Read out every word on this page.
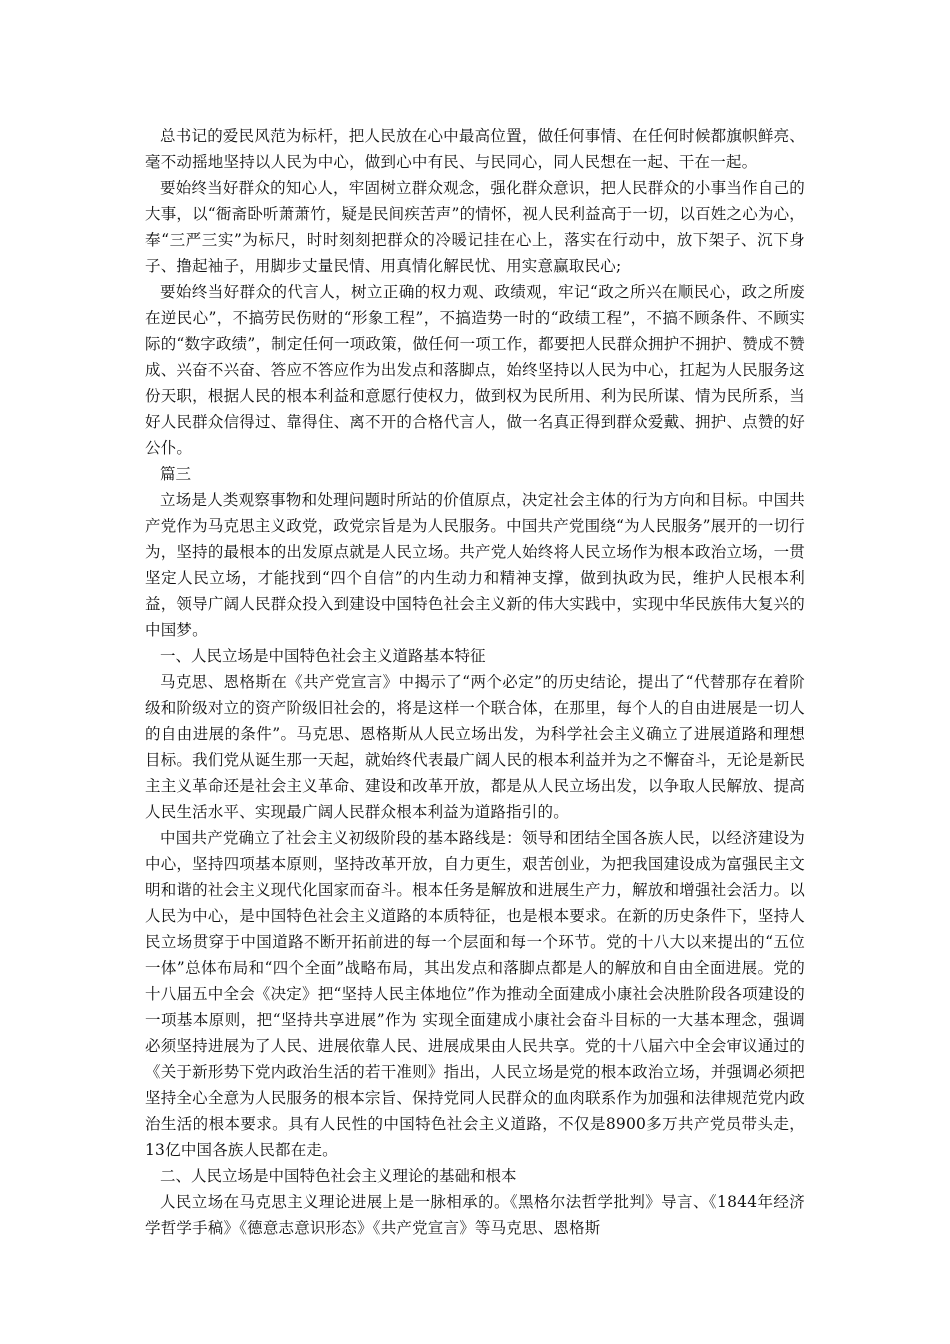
总书记的爱民风范为标杆，把人民放在心中最高位置，做任何事情、在任何时候都旗帜鲜亮、毫不动摇地坚持以人民为中心，做到心中有民、与民同心，同人民想在一起、干在一起。

要始终当好群众的知心人，牢固树立群众观念，强化群众意识，把人民群众的小事当作自己的大事，以“衙斋卧听萧萧竹，疑是民间疾苦声”的情怀，视人民利益高于一切，以百姓之心为心，奉“三严三实”为标尺，时时刻刻把群众的冷暖记挂在心上，落实在行动中，放下架子、沉下身子、撸起袖子，用脚步丈量民情、用真情化解民忧、用实意赢取民心;

要始终当好群众的代言人，树立正确的权力观、政绩观，牢记“政之所兴在顺民心，政之所废在逆民心”，不搞劳民伤财的“形象工程”，不搞造势一时的“政绩工程”，不搞不顾条件、不顾实际的“数字政绩”，制定任何一项政策，做任何一项工作，都要把人民群众拥护不拥护、赞成不赞成、兴奋不兴奋、答应不答应作为出发点和落脚点，始终坚持以人民为中心，扛起为人民服务这份天职，根据人民的根本利益和意愿行使权力，做到权为民所用、利为民所谋、情为民所系，当好人民群众信得过、靠得住、离不开的合格代言人，做一名真正得到群众爱戴、拥护、点赞的好公仆。

篇三

立场是人类观察事物和处理问题时所站的价值原点，决定社会主体的行为方向和目标。中国共产党作为马克思主义政党，政党宗旨是为人民服务。中国共产党围绕“为人民服务”展开的一切行为，坚持的最根本的出发原点就是人民立场。共产党人始终将人民立场作为根本政治立场，一贯坚定人民立场，才能找到“四个自信”的内生动力和精神支撑，做到执政为民，维护人民根本利益，领导广阔人民群众投入到建设中国特色社会主义新的伟大实践中，实现中华民族伟大复兴的中国梦。

一、人民立场是中国特色社会主义道路基本特征

马克思、恩格斯在《共产党宣言》中揭示了“两个必定”的历史结论，提出了“代替那存在着阶级和阶级对立的资产阶级旧社会的，将是这样一个联合体，在那里，每个人的自由进展是一切人的自由进展的条件”。马克思、恩格斯从人民立场出发，为科学社会主义确立了进展道路和理想目标。我们党从诞生那一天起，就始终代表最广阔人民的根本利益并为之不懈奋斗，无论是新民主主义革命还是社会主义革命、建设和改革开放，都是从人民立场出发，以争取人民解放、提高人民生活水平、实现最广阔人民群众根本利益为道路指引的。

中国共产党确立了社会主义初级阶段的基本路线是：领导和团结全国各族人民，以经济建设为中心，坚持四项基本原则，坚持改革开放，自力更生，艰苦创业，为把我国建设成为富强民主文明和谐的社会主义现代化国家而奋斗。根本任务是解放和进展生产力，解放和增强社会活力。以人民为中心，是中国特色社会主义道路的本质特征，也是根本要求。在新的历史条件下，坚持人民立场贯穿于中国道路不断开拓前进的每一个层面和每一个环节。党的十八大以来提出的“五位一体”总体布局和“四个全面”战略布局，其出发点和落脚点都是人的解放和自由全面进展。党的十八届五中全会《决定》把“坚持人民主体地位”作为推动全面建成小康社会决胜阶段各项建设的一项基本原则，把“坚持共享进展”作为 实现全面建成小康社会奋斗目标的一大基本理念，强调必须坚持进展为了人民、进展依靠人民、进展成果由人民共享。党的十八届六中全会审议通过的《关于新形势下党内政治生活的若干准则》指出，人民立场是党的根本政治立场，并强调必须把坚持全心全意为人民服务的根本宗旨、保持党同人民群众的血肉联系作为加强和法律规范党内政治生活的根本要求。具有人民性的中国特色社会主义道路，不仅是8900多万共产党员带头走，13亿中国各族人民都在走。

二、人民立场是中国特色社会主义理论的基础和根本

人民立场在马克思主义理论进展上是一脉相承的。《黑格尔法哲学批判》导言、《1844年经济学哲学手稿》《德意志意识形态》《共产党宣言》等马克思、恩格斯
